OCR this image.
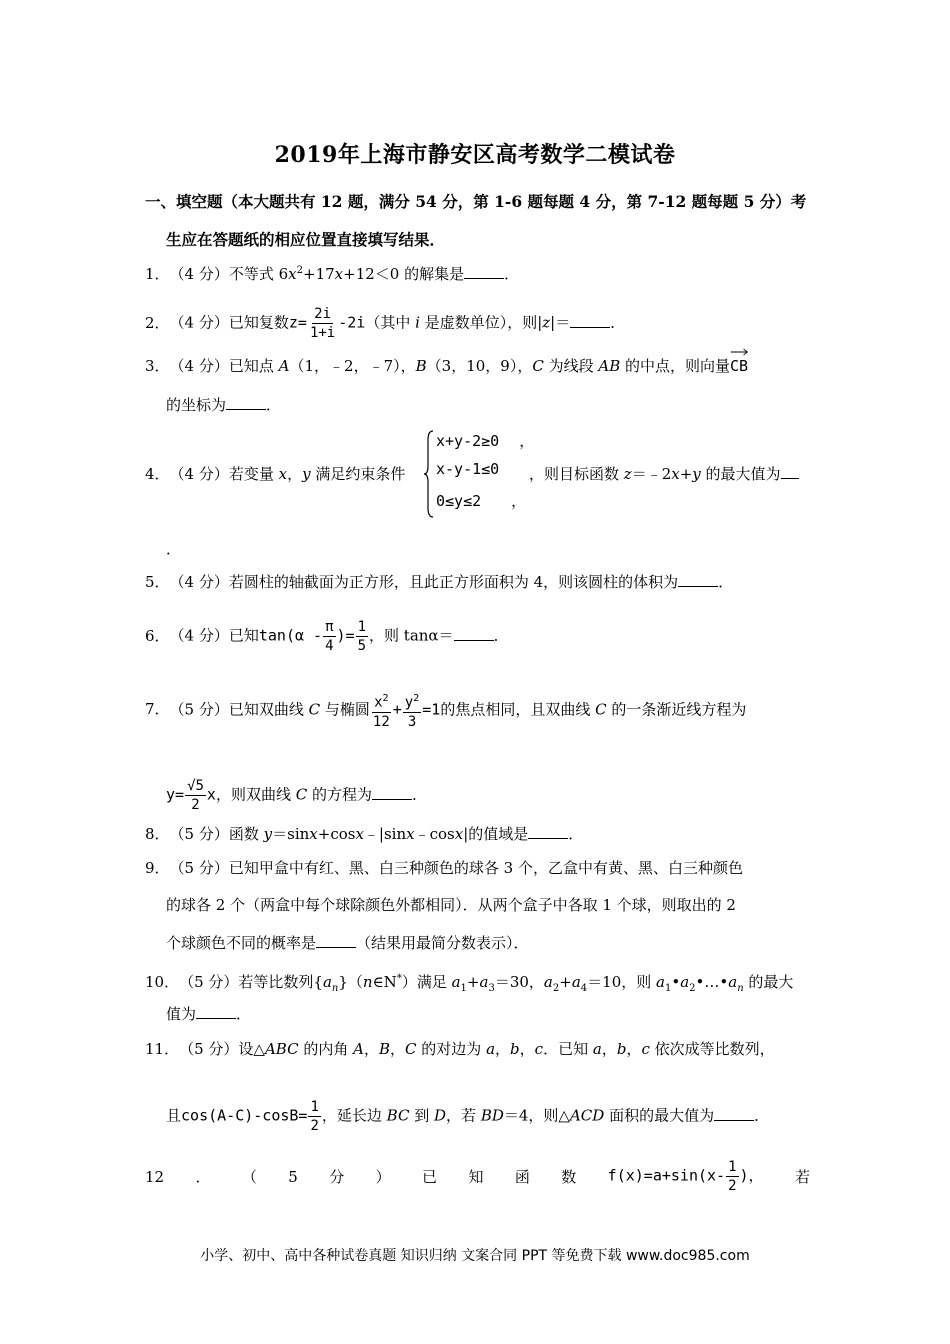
2019年上海市静安区高考数学二模试卷
一、填空题（本大题共有 12 题，满分 54 分，第 1-6 题每题 4 分，第 7-12 题每题 5 分）考
生应在答题纸的相应位置直接填写结果．
1．（4 分）不等式 $6x^2+17x+12<0$ 的解集是	．
2．（4 分）已知复数$z= \frac{2i}{1+i} -2i$（其中 i 是虚数单位），则|z|＝	．
3．（4 分）已知点 A（1，﹣2，﹣7），B（3，10，9），C 为线段 AB 的中点，则向量
CB
的坐标为	．
4．（4 分）若变量 x，y 满足约束条件
x+y-2≥0 ，
x-y-1≤0
0≤y≤2 ，
，则目标函数 z＝﹣2x+y 的最大值为
．
5．（4 分）若圆柱的轴截面为正方形，且此正方形面积为 4，则该圆柱的体积为	．
6．（4 分）已知$\tan(\alpha - \frac{\pi}{4}$ )= $\frac{1}{5}$ ，则 tanα＝	．
7．（5 分）已知双曲线 C 与椭圆 $\frac{x^2}{12} + \frac{y^2}{3} =1$的焦点相同，且双曲线 C 的一条渐近线方程为
$y= \frac{√5}{2}$ x，则双曲线 C 的方程为	．
8．（5 分）函数 y＝sinx+cosx﹣|sinx﹣cosx|的值域是	．
9．（5 分）已知甲盒中有红、黑、白三种颜色的球各 3 个，乙盒中有黄、黑、白三种颜色
的球各 2 个（两盒中每个球除颜色外都相同）．从两个盒子中各取 1 个球，则取出的 2
个球颜色不同的概率是	（结果用最简分数表示）．
10．（5 分）若等比数列$\{a_n\}(n\in N^*)$满足 $a_1+a_3=30$，$a_2+a_4=10$，则 $a_1•a_2•\dots•a_n$ 的最大
值为	．
11．（5 分）设△ABC 的内角 A，B，C 的对边为 a，b，c．已知 a，b，c 依次成等比数列，
且$\cos(A-C)-\cos B= \frac{1}{2}$ ，延长边 BC 到 D，若 BD＝4，则△ACD 面积的最大值为	．
12 ． （ 5 分 ） 已 知 函 数 $f(x)=a+\sin(x- \frac{1}{2}$ )， 若
小学、初中、高中各种试卷真题 知识归纳 文案合同 PPT 等免费下载 www.doc985.com
